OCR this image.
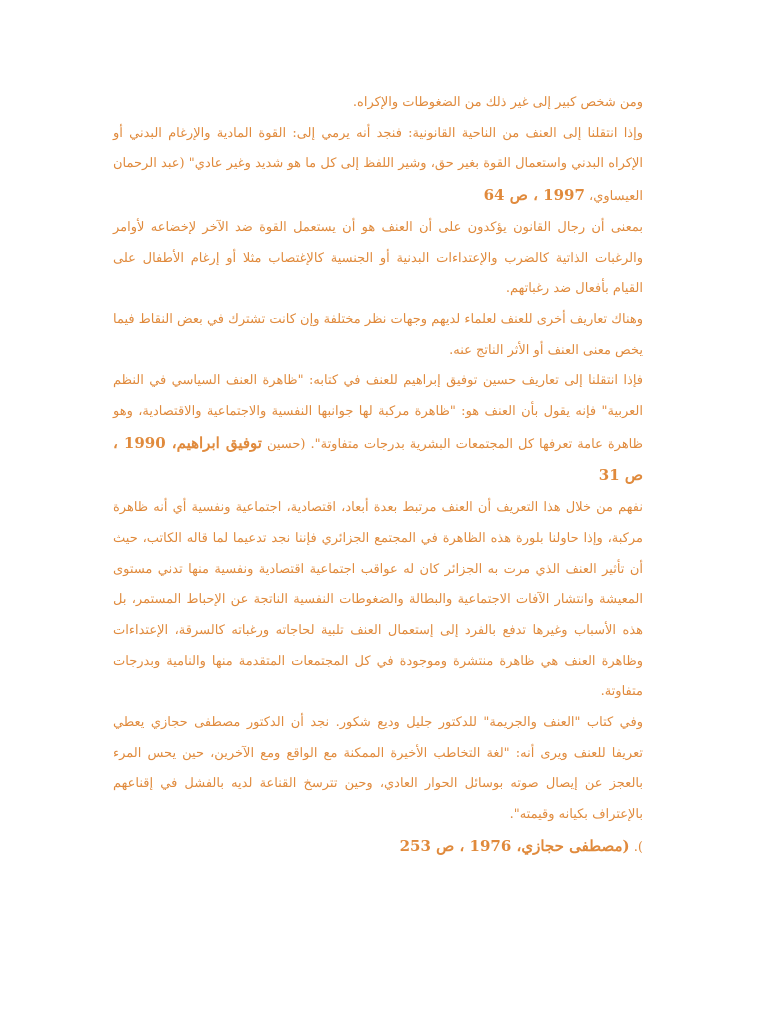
ومن شخص كبير إلى غير ذلك من الضغوطات والإكراه.

وإذا انتقلنا إلى العنف من الناحية القانونية: فنجد أنه يرمي إلى: القوة المادية والإرغام البدني أو الإكراه البدني واستعمال القوة بغير حق، وشير اللفظ إلى كل ما هو شديد وغير عادي" (عبد الرحمان العيساوي، 1997 ، ص 64

بمعنى أن رجال القانون يؤكدون على أن العنف هو أن يستعمل القوة ضد الآخر لإخضاعه لأوامر والرغبات الذاتية كالضرب والإعتداءات البدنية أو الجنسية كالإغتصاب مثلا أو إرغام الأطفال على القيام بأفعال ضد رغباتهم.

وهناك تعاريف أخرى للعنف لعلماء لديهم وجهات نظر مختلفة وإن كانت تشترك في بعض النقاط فيما يخص معنى العنف أو الأثر الناتج عنه.

فإذا انتقلنا إلى تعاريف حسين توفيق إبراهيم للعنف في كتابه: "ظاهرة العنف السياسي في النظم العربية" فإنه يقول بأن العنف هو: "ظاهرة مركبة لها جوانبها النفسية والاجتماعية والاقتصادية، وهو ظاهرة عامة تعرفها كل المجتمعات البشرية بدرجات متفاوتة". (حسين توفيق ابراهيم، 1990 ، ص 31

نفهم من خلال هذا التعريف أن العنف مرتبط بعدة أبعاد، اقتصادية، اجتماعية ونفسية أي أنه ظاهرة مركبة، وإذا حاولنا بلورة هذه الظاهرة في المجتمع الجزائري فإننا نجد تدعيما لما قاله الكاتب، حيث أن تأثير العنف الذي مرت به الجزائر كان له عواقب اجتماعية اقتصادية ونفسية منها تدني مستوى المعيشة وانتشار الآفات الاجتماعية والبطالة والضغوطات النفسية الناتجة عن الإحباط المستمر، بل هذه الأسباب وغيرها تدفع بالفرد إلى إستعمال العنف تلبية لحاجاته ورغباته كالسرقة، الإعتداءات وظاهرة العنف هي ظاهرة منتشرة وموجودة في كل المجتمعات المتقدمة منها والنامية وبدرجات متفاوتة.

وفي كتاب "العنف والجريمة" للدكتور جليل وديع شكور. نجد أن الدكتور مصطفى حجازي يعطي تعريفا للعنف ويرى أنه: "لغة التخاطب الأخيرة الممكنة مع الواقع ومع الآخرين، حين يحس المرء بالعجز عن إيصال صوته بوسائل الحوار العادي، وحين تترسخ القناعة لديه بالفشل في إقناعهم بالإعتراف بكيانه وقيمته".

). (مصطفى حجازي، 1976 ، ص 253
